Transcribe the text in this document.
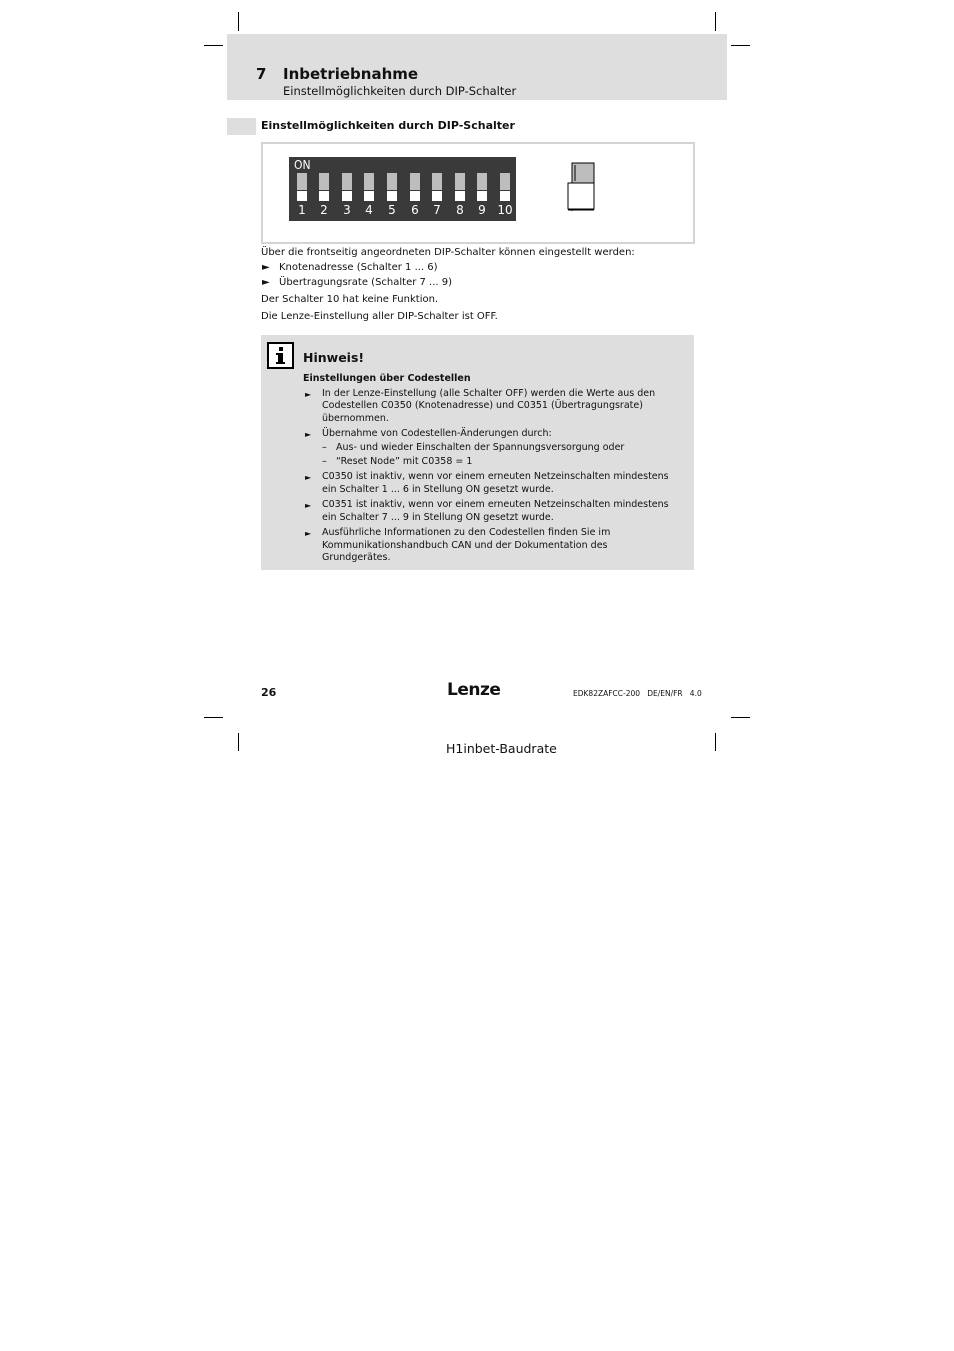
7 Inbetriebnahme
Einstellmöglichkeiten durch DIP-Schalter
Einstellmöglichkeiten durch DIP-Schalter
ON
1	2	3	4	5	6	7	8	9 10
Über die frontseitig angeordneten DIP-Schalter können eingestellt werden:
► Knotenadresse (Schalter 1 ... 6)
► Übertragungsrate (Schalter 7 ... 9)
Der Schalter 10 hat keine Funktion.
Die Lenze-Einstellung aller DIP-Schalter ist OFF.
Hinweis!
Einstellungen über Codestellen
► In der Lenze-Einstellung (alle Schalter OFF) werden die Werte aus den
Codestellen C0350 (Knotenadresse) und C0351 (Übertragungsrate)
übernommen.
► Übernahme von Codestellen-Änderungen durch:
– Aus- und wieder Einschalten der Spannungsversorgung oder
– “Reset Node” mit C0358 = 1
► C0350 ist inaktiv, wenn vor einem erneuten Netzeinschalten mindestens
ein Schalter 1 ... 6 in Stellung ON gesetzt wurde.
► C0351 ist inaktiv, wenn vor einem erneuten Netzeinschalten mindestens
ein Schalter 7 ... 9 in Stellung ON gesetzt wurde.
► Ausführliche Informationen zu den Codestellen finden Sie im
Kommunikationshandbuch CAN und der Dokumentation des
Grundgerätes.
26	Lenze	EDK82ZAFCC-200   DE/EN/FR   4.0
H1inbet-Baudrate
